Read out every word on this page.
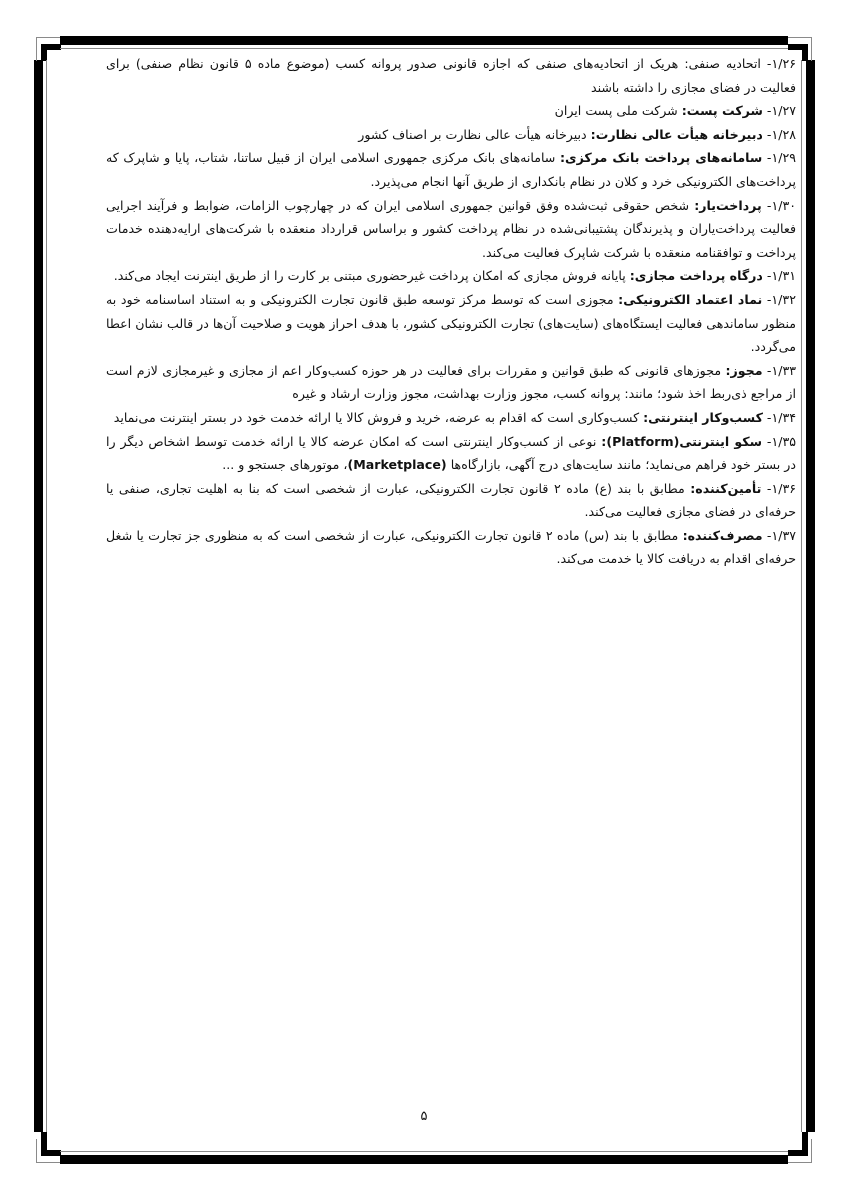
۱/۲۶- اتحادیه صنفی: هریک از اتحادیه‌های صنفی که اجازه قانونی صدور پروانه کسب (موضوع ماده ۵ قانون نظام صنفی) برای فعالیت در فضای مجازی را داشته باشند

۱/۲۷- شرکت پست: شرکت ملی پست ایران

۱/۲۸- دبیرخانه هیأت عالی نظارت: دبیرخانه هیأت عالی نظارت بر اصناف کشور

۱/۲۹- سامانه‌های پرداخت بانک مرکزی: سامانه‌های بانک مرکزی جمهوری اسلامی ایران از قبیل ساتنا، شتاب، پایا و شاپرک که پرداخت‌های الکترونیکی خرد و کلان در نظام بانکداری از طریق آنها انجام می‌پذیرد.

۱/۳۰- پرداخت‌یار: شخص حقوقی ثبت‌شده وفق قوانین جمهوری اسلامی ایران که در چهارچوب الزامات، ضوابط و فرآیند اجرایی فعالیت پرداخت‌یاران و پذیرندگان پشتیبانی‌شده در نظام پرداخت کشور و براساس قرارداد منعقده با شرکت‌های ارایه‌دهنده خدمات پرداخت و توافقنامه منعقده با شرکت شاپرک فعالیت می‌کند.

۱/۳۱- درگاه پرداخت مجازی: پایانه فروش مجازی که امکان پرداخت غیرحضوری مبتنی بر کارت را از طریق اینترنت ایجاد می‌کند.

۱/۳۲- نماد اعتماد الکترونیکی: مجوزی است که توسط مرکز توسعه طبق قانون تجارت الکترونیکی و به استناد اساسنامه خود به منظور ساماندهی فعالیت ایستگاه‌های (سایت‌های) تجارت الکترونیکی کشور، با هدف احراز هویت و صلاحیت آن‌ها در قالب نشان اعطا می‌گردد.

۱/۳۳- مجوز: مجوزهای قانونی که طبق قوانین و مقررات برای فعالیت در هر حوزه کسب‌وکار اعم از مجازی و غیرمجازی لازم است از مراجع ذی‌ربط اخذ شود؛ مانند: پروانه کسب، مجوز وزارت بهداشت، مجوز وزارت ارشاد و غیره

۱/۳۴- کسب‌وکار اینترنتی: کسب‌وکاری است که اقدام به عرضه، خرید و فروش کالا یا ارائه خدمت خود در بستر اینترنت می‌نماید

۱/۳۵- سکو اینترنتی(Platform): نوعی از کسب‌وکار اینترنتی است که امکان عرضه کالا یا ارائه خدمت توسط اشخاص دیگر را در بستر خود فراهم می‌نماید؛ مانند سایت‌های درج آگهی، بازارگاه‌ها (Marketplace)، موتورهای جستجو و ...

۱/۳۶- تأمین‌کننده: مطابق با بند (ع) ماده ۲ قانون تجارت الکترونیکی، عبارت از شخصی است که بنا به اهلیت تجاری، صنفی یا حرفه‌ای در فضای مجازی فعالیت می‌کند.

۱/۳۷- مصرف‌کننده: مطابق با بند (س) ماده ۲ قانون تجارت الکترونیکی، عبارت از شخصی است که به منظوری جز تجارت یا شغل حرفه‌ای اقدام به دریافت کالا یا خدمت می‌کند.

۵
